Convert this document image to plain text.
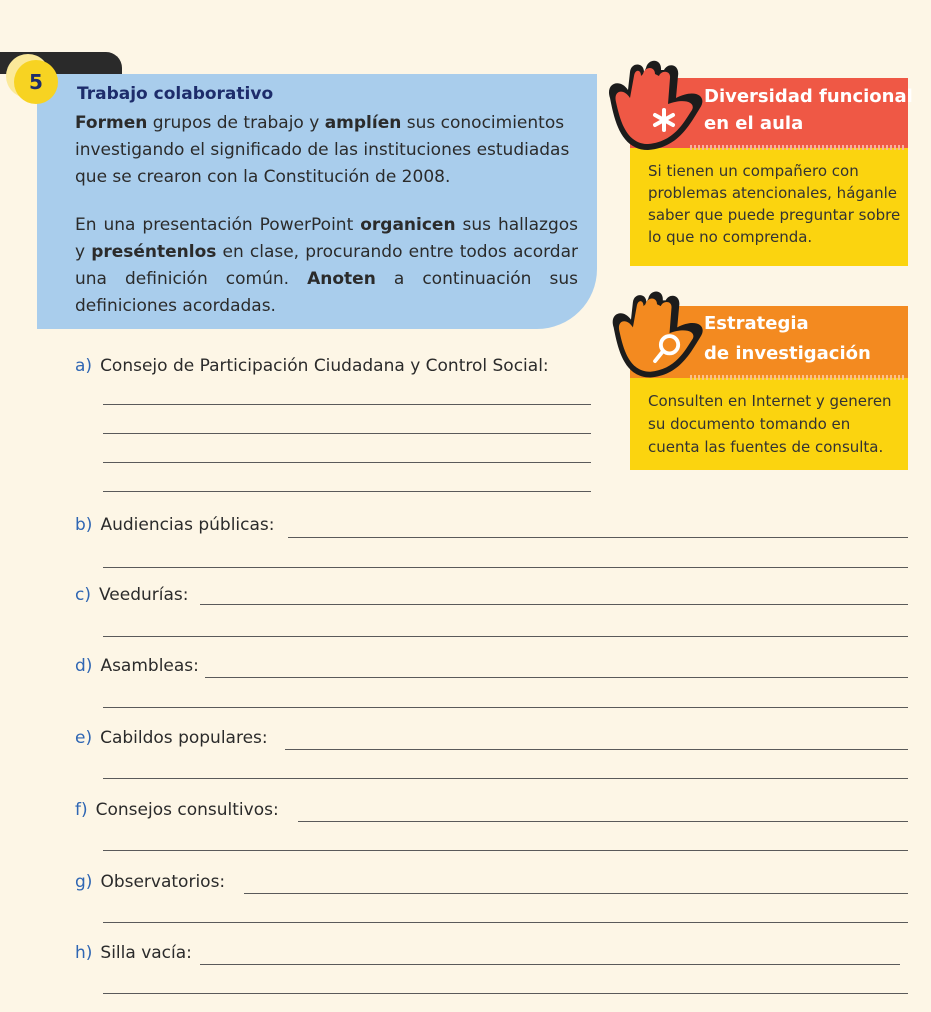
5	Trabajo colaborativo
Formen grupos de trabajo y amplíen sus conocimientos investigando el significado de las instituciones estudiadas que se crearon con la Constitución de 2008.
En una presentación PowerPoint organicen sus hallazgos y preséntenlos en clase, procurando entre todos acordar una definición común. Anoten a continuación sus definiciones acordadas.
Diversidad funcional
en el aula
Si tienen un compañero con problemas atencionales, háganle saber que puede preguntar sobre lo que no comprenda.
Estrategia
de investigación
Consulten en Internet y generen su documento tomando en cuenta las fuentes de consulta.
a) Consejo de Participación Ciudadana y Control Social:
b) Audiencias públicas:
c) Veedurías:
d) Asambleas:
e) Cabildos populares:
f) Consejos consultivos:
g) Observatorios:
h) Silla vacía:
